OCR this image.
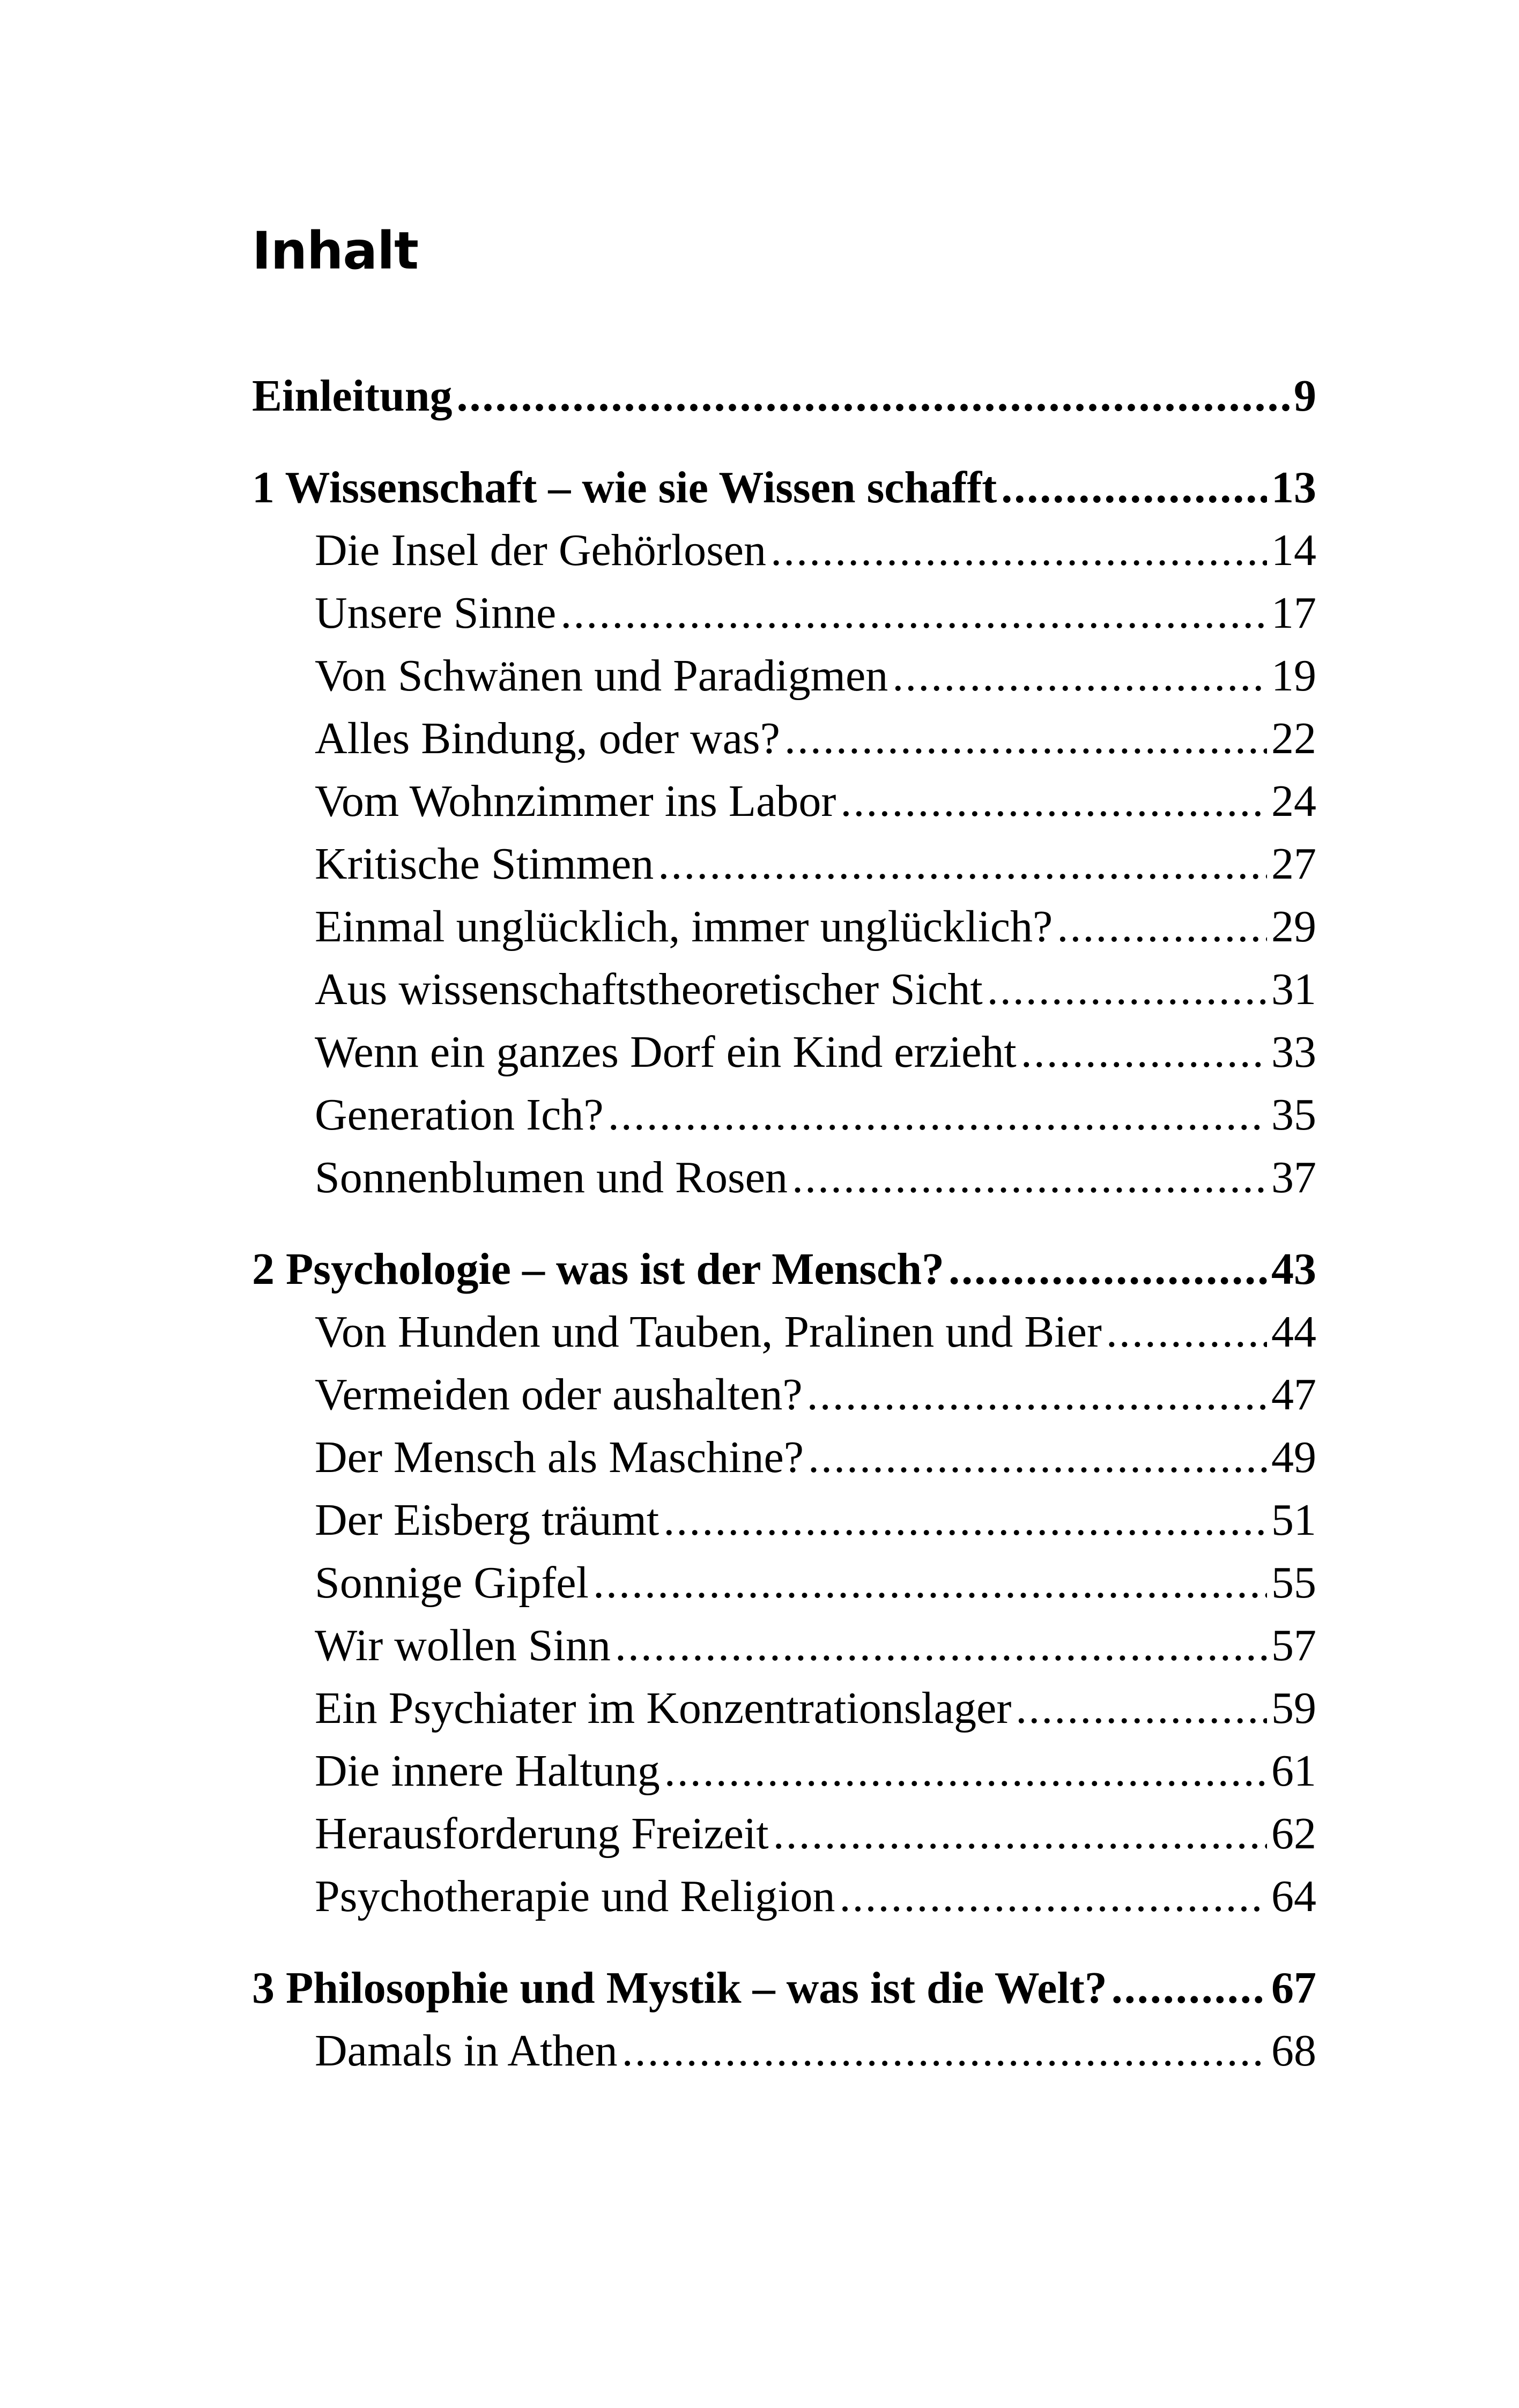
Inhalt
Einleitung .....	9
1 Wissenschaft – wie sie Wissen schafft .....	13
Die Insel der Gehörlosen .....	14
Unsere Sinne .....	17
Von Schwänen und Paradigmen .....	19
Alles Bindung, oder was? .....	22
Vom Wohnzimmer ins Labor .....	24
Kritische Stimmen .....	27
Einmal unglücklich, immer unglücklich? .....	29
Aus wissenschaftstheoretischer Sicht .....	31
Wenn ein ganzes Dorf ein Kind erzieht .....	33
Generation Ich? .....	35
Sonnenblumen und Rosen .....	37
2 Psychologie – was ist der Mensch? .....	43
Von Hunden und Tauben, Pralinen und Bier .....	44
Vermeiden oder aushalten? .....	47
Der Mensch als Maschine? .....	49
Der Eisberg träumt .....	51
Sonnige Gipfel .....	55
Wir wollen Sinn .....	57
Ein Psychiater im Konzentrationslager .....	59
Die innere Haltung .....	61
Herausforderung Freizeit .....	62
Psychotherapie und Religion .....	64
3 Philosophie und Mystik – was ist die Welt? .....	67
Damals in Athen .....	68
